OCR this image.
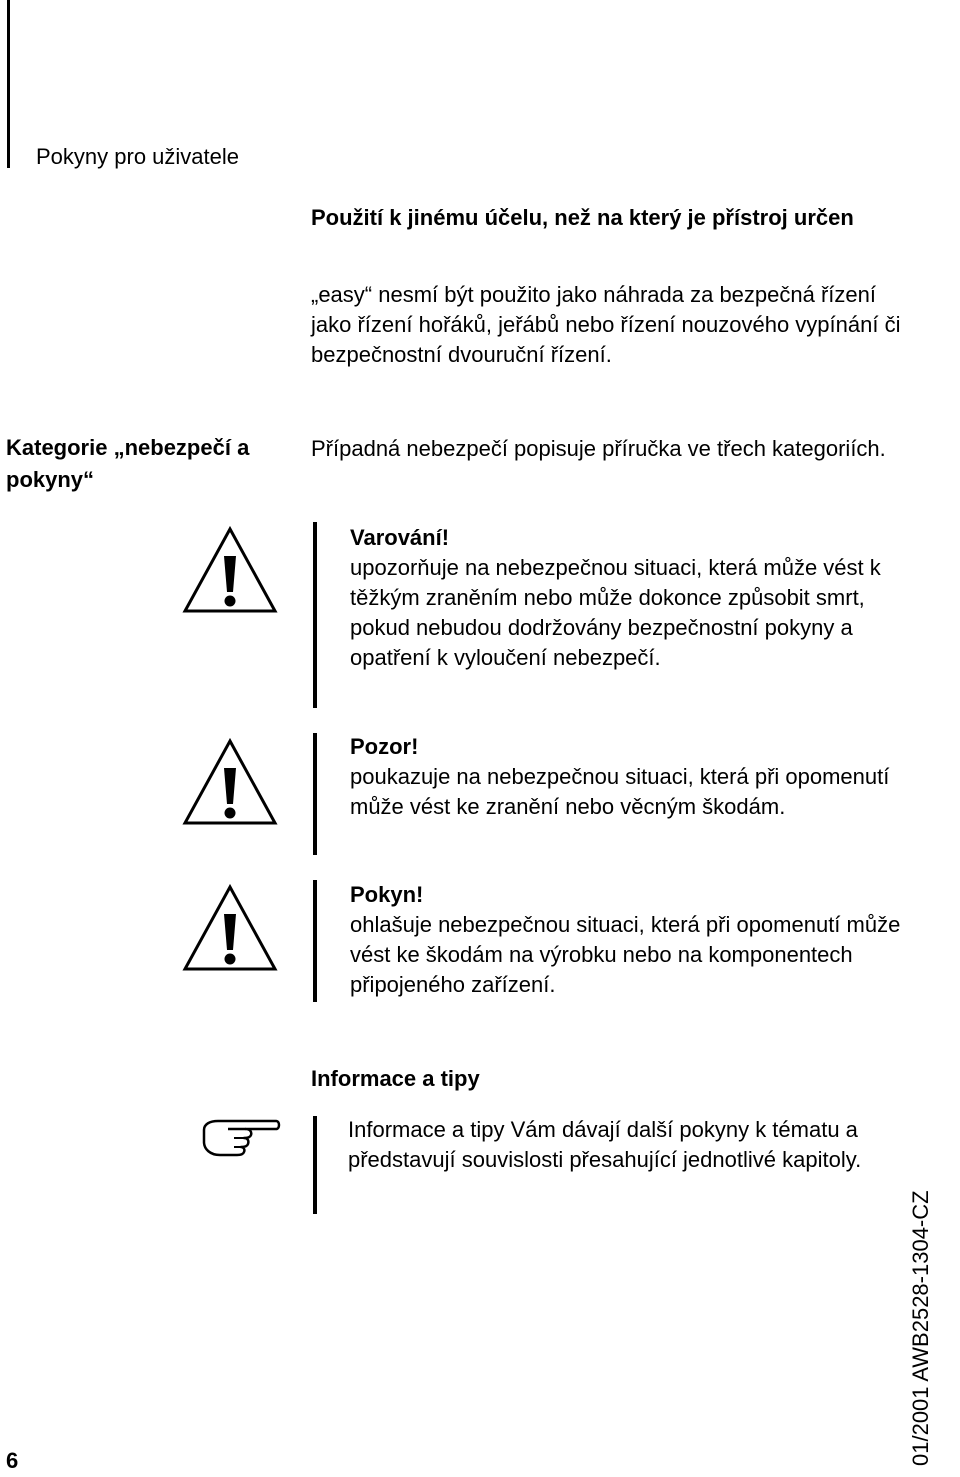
Pokyny pro uživatele
Použití k jinému účelu, než na který je přístroj určen
„easy“ nesmí být použito jako náhrada za bezpečná řízení jako řízení hořáků, jeřábů nebo řízení nouzového vypínání či bezpečnostní dvouruční řízení.
Kategorie „nebezpečí a pokyny“
Případná nebezpečí popisuje příručka ve třech kategoriích.
Varování!
upozorňuje na nebezpečnou situaci, která může vést k těžkým zraněním nebo může dokonce způsobit smrt, pokud nebudou dodržovány bezpečnostní pokyny a opatření k vyloučení nebezpečí.
Pozor!
poukazuje na nebezpečnou situaci, která při opomenutí může vést ke zranění nebo věcným škodám.
Pokyn!
ohlašuje nebezpečnou situaci, která při opomenutí může vést ke škodám na výrobku nebo na komponentech připojeného zařízení.
Informace a tipy
Informace a tipy Vám dávají další pokyny k tématu a představují souvislosti přesahující jednotlivé kapitoly.
6	01/2001 AWB2528-1304-CZ
